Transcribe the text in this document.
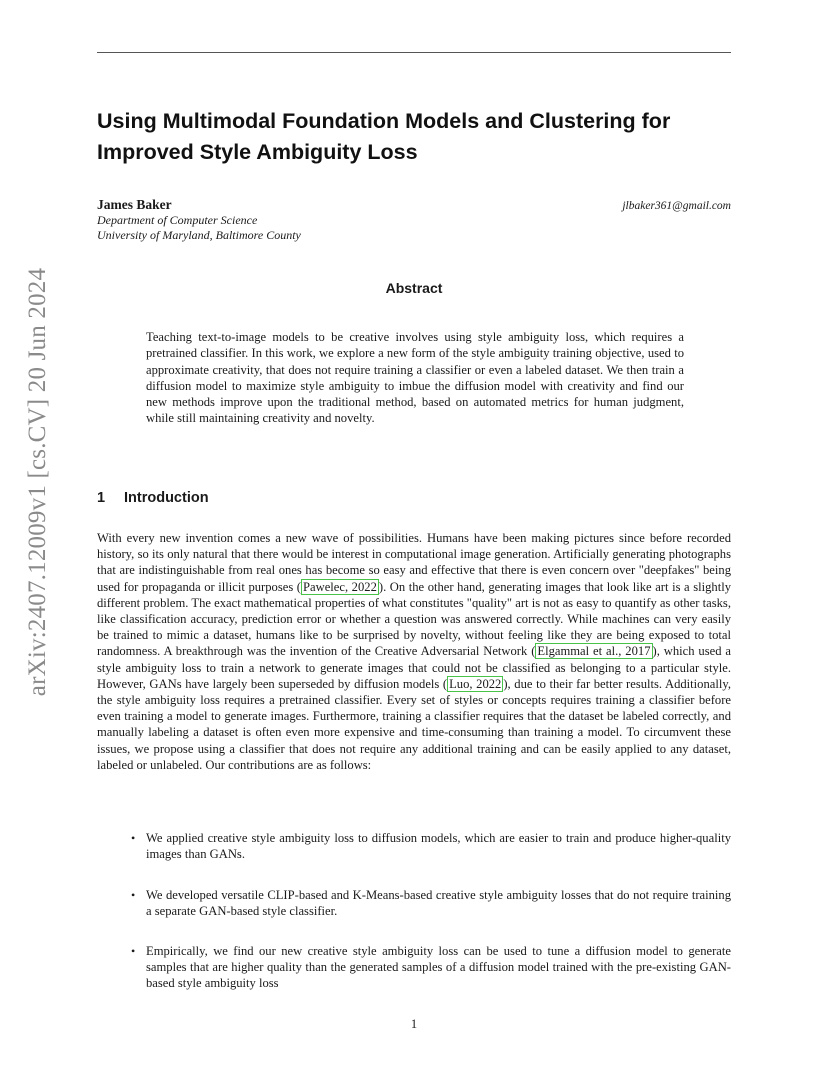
arXiv:2407.12009v1 [cs.CV] 20 Jun 2024
Using Multimodal Foundation Models and Clustering for Improved Style Ambiguity Loss
James Baker
Department of Computer Science
University of Maryland, Baltimore County
jlbaker361@gmail.com
Abstract

Teaching text-to-image models to be creative involves using style ambiguity loss, which requires a pretrained classifier. In this work, we explore a new form of the style ambiguity training objective, used to approximate creativity, that does not require training a classifier or even a labeled dataset. We then train a diffusion model to maximize style ambiguity to imbue the diffusion model with creativity and find our new methods improve upon the traditional method, based on automated metrics for human judgment, while still maintaining creativity and novelty.

1 Introduction

With every new invention comes a new wave of possibilities. Humans have been making pictures since before recorded history, so its only natural that there would be interest in computational image generation. Artificially generating photographs that are indistinguishable from real ones has become so easy and effective that there is even concern over "deepfakes" being used for propaganda or illicit purposes ( Pawelec, 2022 ). On the other hand, generating images that look like art is a slightly different problem. The exact mathematical properties of what constitutes "quality" art is not as easy to quantify as other tasks, like classification accuracy, prediction error or whether a question was answered correctly. While machines can very easily be trained to mimic a dataset, humans like to be surprised by novelty, without feeling like they are being exposed to total randomness. A breakthrough was the invention of the Creative Adversarial Network ( Elgammal et al., 2017 ), which used a style ambiguity loss to train a network to generate images that could not be classified as belonging to a particular style. However, GANs have largely been superseded by diffusion models ( Luo, 2022 ), due to their far better results. Additionally, the style ambiguity loss requires a pretrained classifier. Every set of styles or concepts requires training a classifier before even training a model to generate images. Furthermore, training a classifier requires that the dataset be labeled correctly, and manually labeling a dataset is often even more expensive and time-consuming than training a model. To circumvent these issues, we propose using a classifier that does not require any additional training and can be easily applied to any dataset, labeled or unlabeled. Our contributions are as follows:

• We applied creative style ambiguity loss to diffusion models, which are easier to train and produce higher-quality images than GANs.
• We developed versatile CLIP-based and K-Means-based creative style ambiguity losses that do not require training a separate GAN-based style classifier.
• Empirically, we find our new creative style ambiguity loss can be used to tune a diffusion model to generate samples that are higher quality than the generated samples of a diffusion model trained with the pre-existing GAN-based style ambiguity loss
1
